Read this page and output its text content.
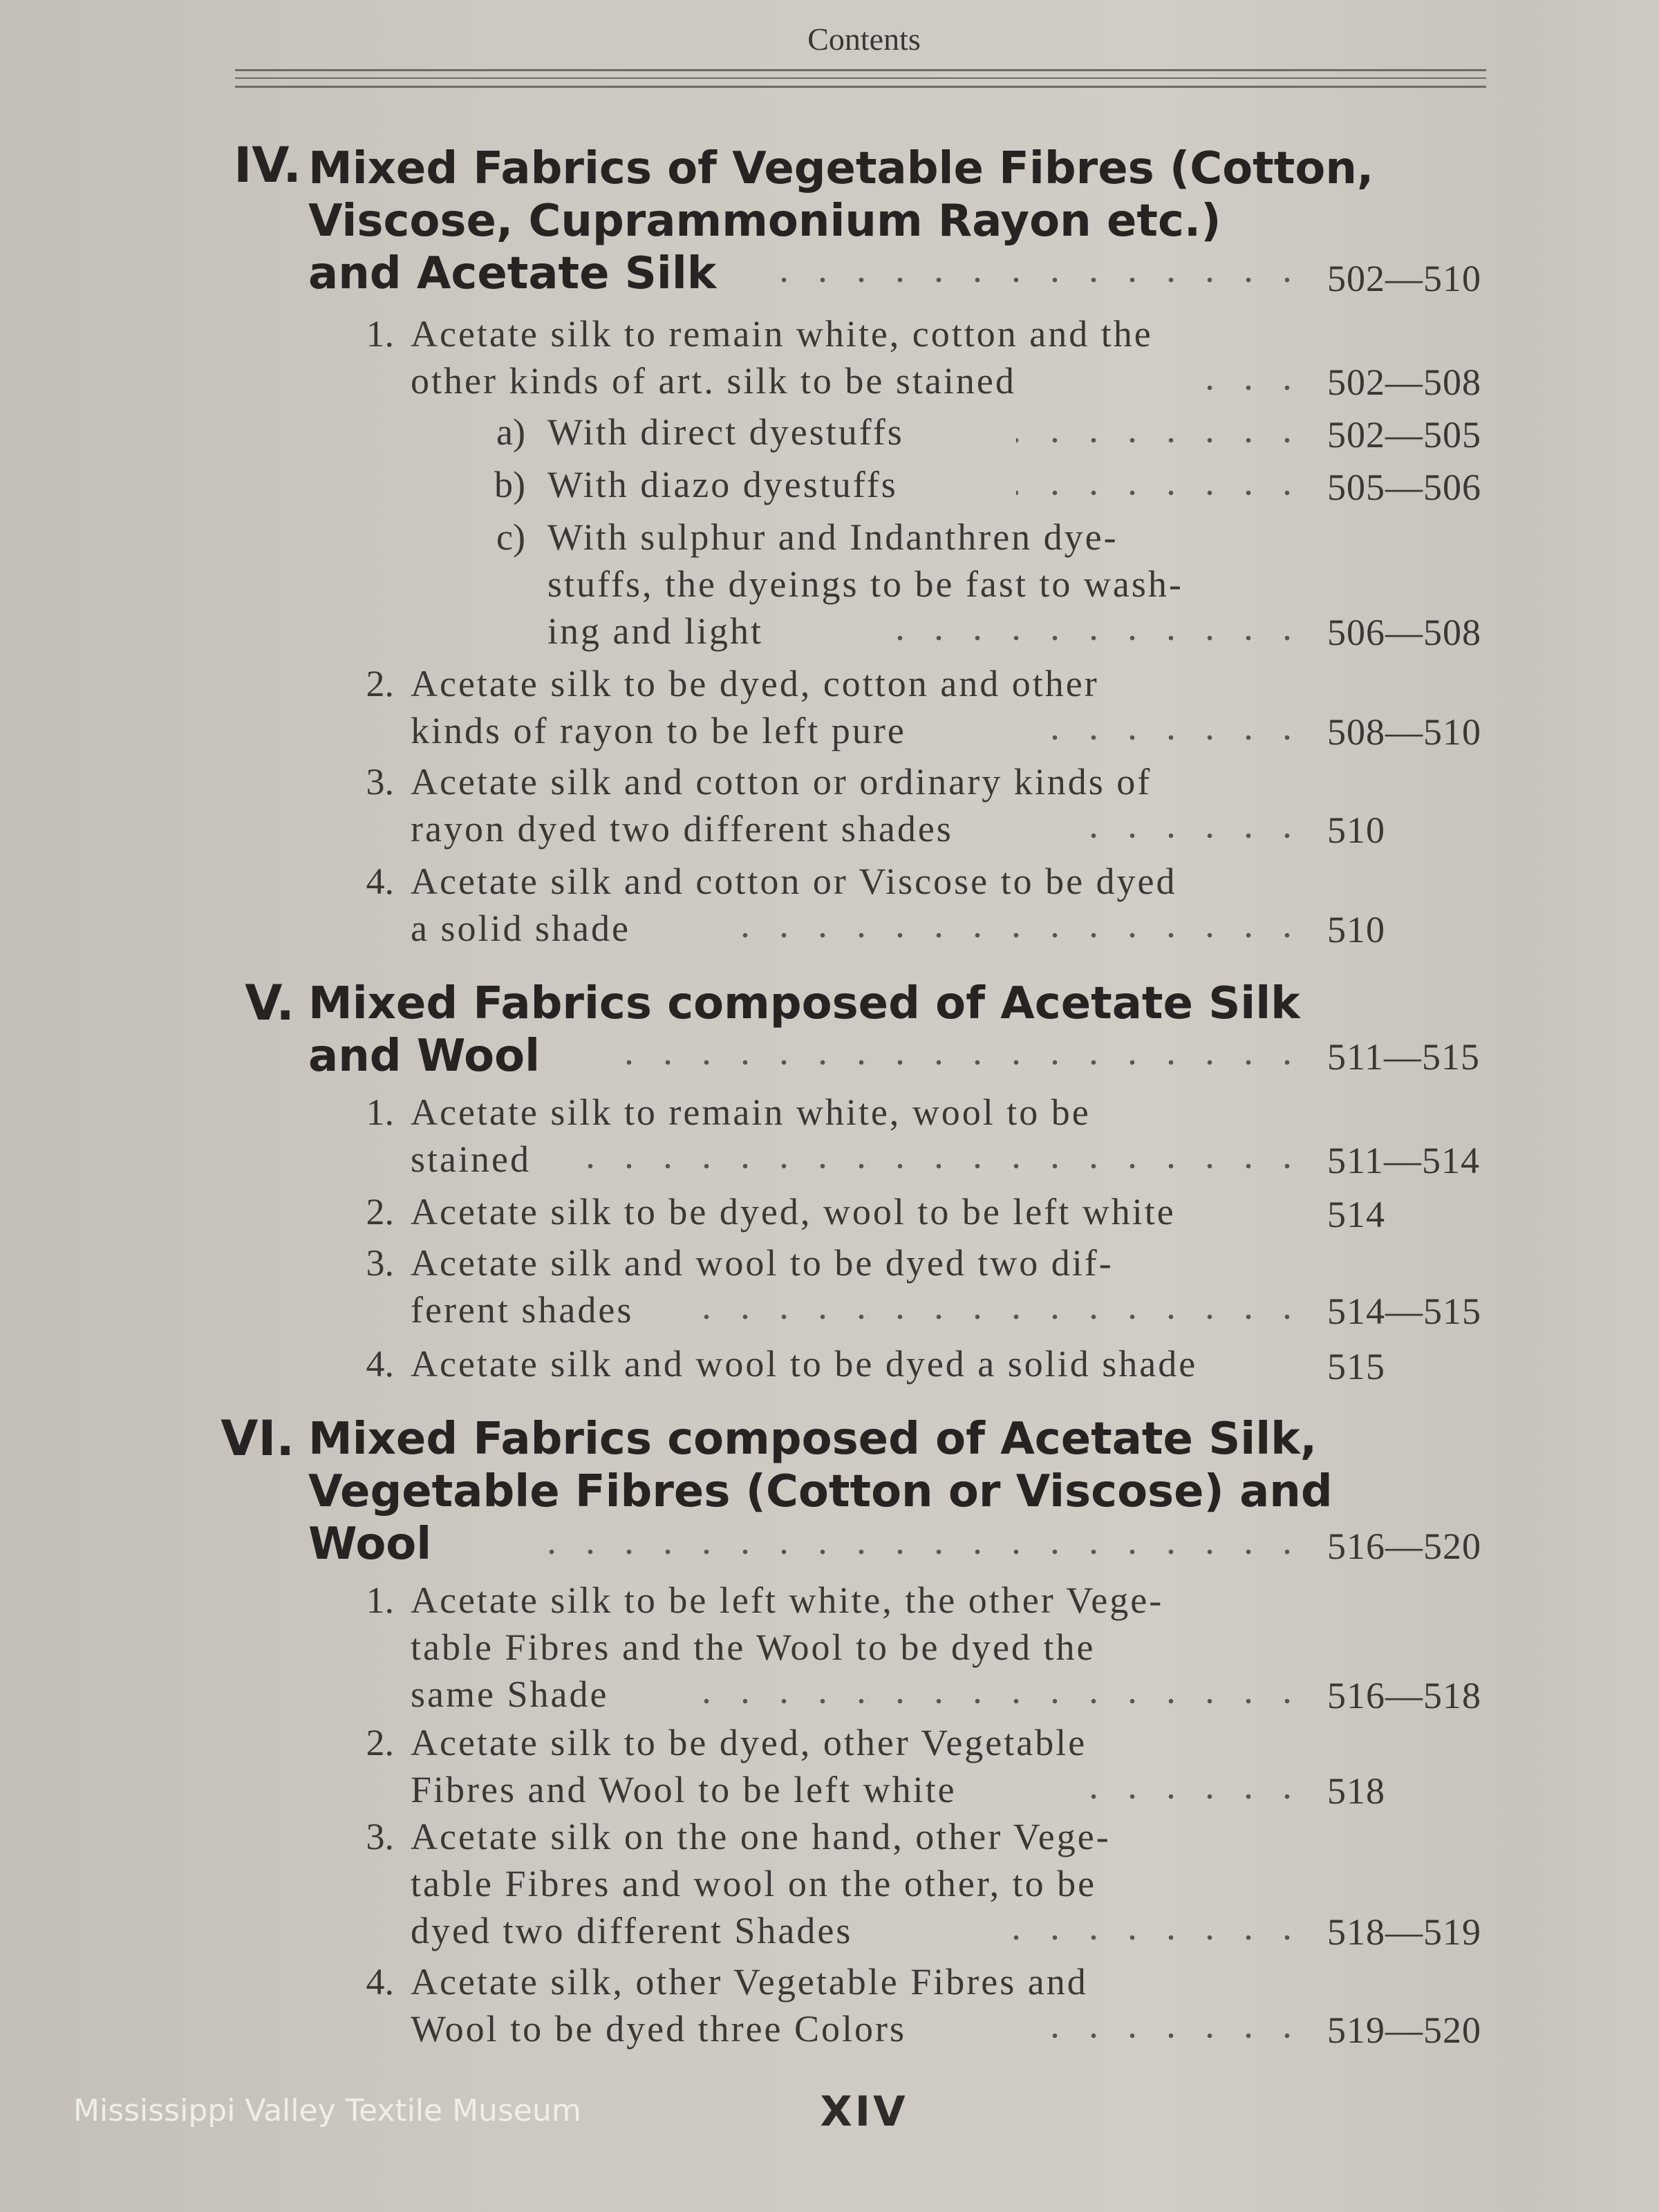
Contents
IV. Mixed Fabrics of Vegetable Fibres (Cotton,
Viscose, Cuprammonium Rayon etc.)
and Acetate Silk	502—510
1. Acetate silk to remain white, cotton and the
other kinds of art. silk to be stained	502—508
a) With direct dyestuffs	502—505
b) With diazo dyestuffs	505—506
c) With sulphur and Indanthren dye-
stuffs, the dyeings to be fast to wash-
ing and light	506—508
2. Acetate silk to be dyed, cotton and other
kinds of rayon to be left pure	508—510
3. Acetate silk and cotton or ordinary kinds of
rayon dyed two different shades	510
4. Acetate silk and cotton or Viscose to be dyed
a solid shade	510
V. Mixed Fabrics composed of Acetate Silk
and Wool	511—515
1. Acetate silk to remain white, wool to be
stained	511—514
2. Acetate silk to be dyed, wool to be left white	514
3. Acetate silk and wool to be dyed two dif-
ferent shades	514—515
4. Acetate silk and wool to be dyed a solid shade	515
VI. Mixed Fabrics composed of Acetate Silk,
Vegetable Fibres (Cotton or Viscose) and
Wool	516—520
1. Acetate silk to be left white, the other Vege-
table Fibres and the Wool to be dyed the
same Shade	516—518
2. Acetate silk to be dyed, other Vegetable
Fibres and Wool to be left white	518
3. Acetate silk on the one hand, other Vege-
table Fibres and wool on the other, to be
dyed two different Shades	518—519
4. Acetate silk, other Vegetable Fibres and
Wool to be dyed three Colors	519—520
XIV
Mississippi Valley Textile Museum
